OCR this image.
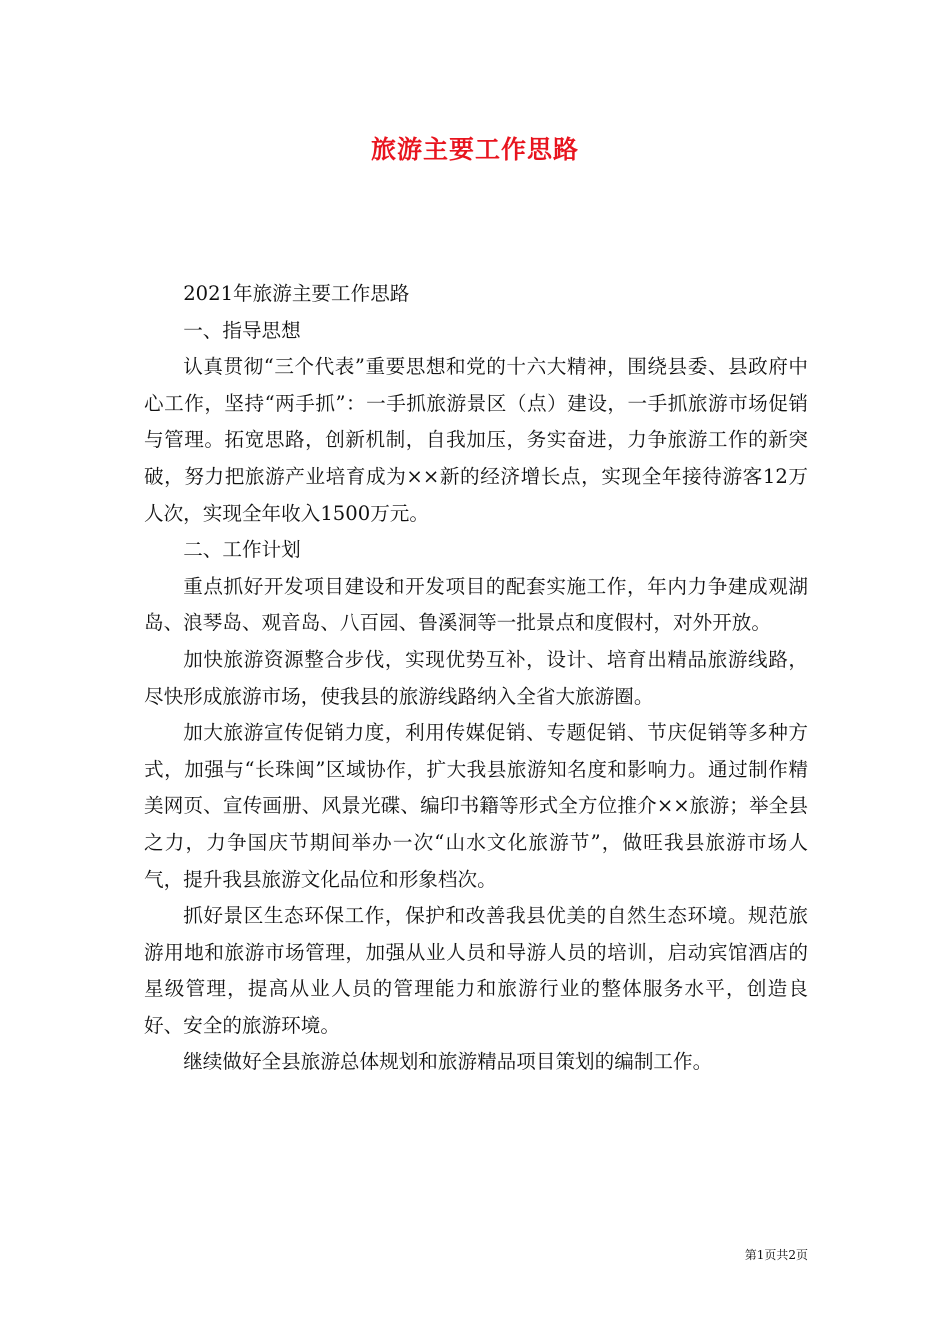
旅游主要工作思路

2021年旅游主要工作思路

一、指导思想

认真贯彻“三个代表”重要思想和党的十六大精神，围绕县委、县政府中心工作，坚持“两手抓”：一手抓旅游景区（点）建设，一手抓旅游市场促销与管理。拓宽思路，创新机制，自我加压，务实奋进，力争旅游工作的新突破，努力把旅游产业培育成为××新的经济增长点，实现全年接待游客12万人次，实现全年收入1500万元。

二、工作计划

重点抓好开发项目建设和开发项目的配套实施工作，年内力争建成观湖岛、浪琴岛、观音岛、八百园、鲁溪洞等一批景点和度假村，对外开放。

加快旅游资源整合步伐，实现优势互补，设计、培育出精品旅游线路，尽快形成旅游市场，使我县的旅游线路纳入全省大旅游圈。

加大旅游宣传促销力度，利用传媒促销、专题促销、节庆促销等多种方式，加强与“长珠闽”区域协作，扩大我县旅游知名度和影响力。通过制作精美网页、宣传画册、风景光碟、编印书籍等形式全方位推介××旅游；举全县之力，力争国庆节期间举办一次“山水文化旅游节”，做旺我县旅游市场人气，提升我县旅游文化品位和形象档次。

抓好景区生态环保工作，保护和改善我县优美的自然生态环境。规范旅游用地和旅游市场管理，加强从业人员和导游人员的培训，启动宾馆酒店的星级管理，提高从业人员的管理能力和旅游行业的整体服务水平，创造良好、安全的旅游环境。

继续做好全县旅游总体规划和旅游精品项目策划的编制工作。

第1页共2页
